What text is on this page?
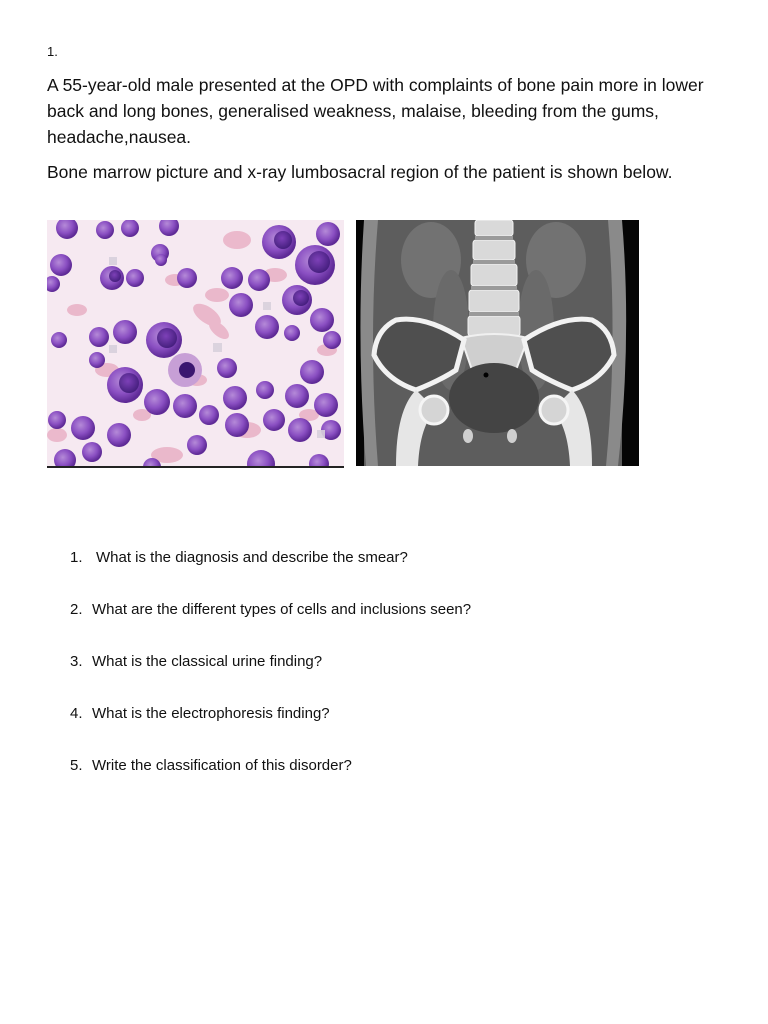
1.
A 55-year-old male presented at the OPD with complaints of bone pain more in lower back and long bones, generalised weakness, malaise, bleeding from the gums, headache,nausea.
Bone marrow picture and x-ray lumbosacral region of the patient is shown below.
1. What is the diagnosis and describe the smear?
2. What are the different types of cells and inclusions seen?
3. What is the classical urine finding?
4. What is the electrophoresis finding?
5. Write the classification of this disorder?
